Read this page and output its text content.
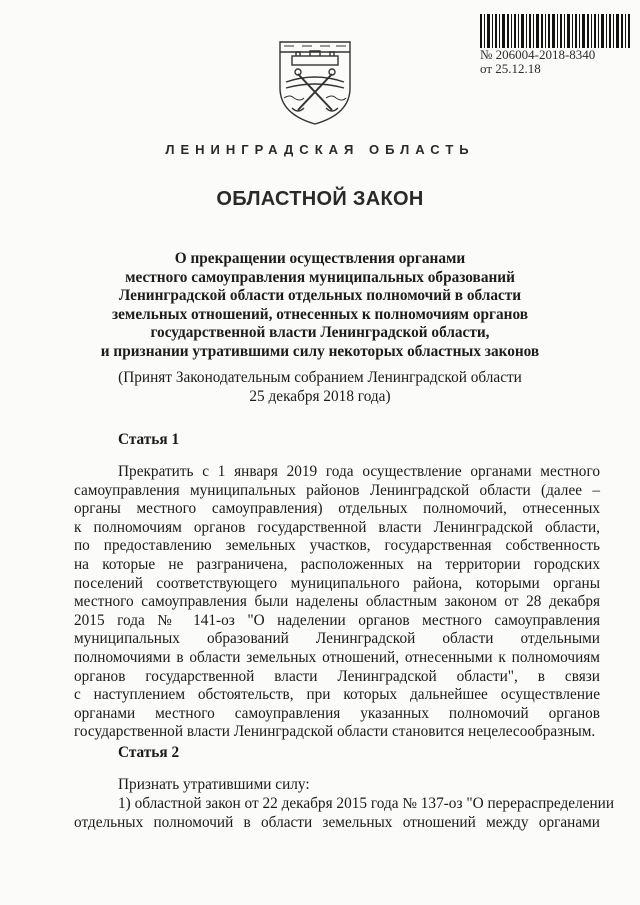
№ 206004-2018-8340
от 25.12.18
ЛЕНИНГРАДСКАЯ ОБЛАСТЬ
ОБЛАСТНОЙ ЗАКОН
О прекращении осуществления органами
местного самоуправления муниципальных образований
Ленинградской области отдельных полномочий в области
земельных отношений, отнесенных к полномочиям органов
государственной власти Ленинградской области,
и признании утратившими силу некоторых областных законов
(Принят Законодательным собранием Ленинградской области
25 декабря 2018 года)
Статья 1
Прекратить с 1 января 2019 года осуществление органами местного
самоуправления муниципальных районов Ленинградской области (далее –
органы местного самоуправления) отдельных полномочий, отнесенных
к полномочиям органов государственной власти Ленинградской области,
по предоставлению земельных участков, государственная собственность
на которые не разграничена, расположенных на территории городских
поселений соответствующего муниципального района, которыми органы
местного самоуправления были наделены областным законом от 28 декабря
2015 года № 141-оз "О наделении органов местного самоуправления
муниципальных образований Ленинградской области отдельными
полномочиями в области земельных отношений, отнесенными к полномочиям
органов государственной власти Ленинградской области", в связи
с наступлением обстоятельств, при которых дальнейшее осуществление
органами местного самоуправления указанных полномочий органов
государственной власти Ленинградской области становится нецелесообразным.
Статья 2
Признать утратившими силу:
1) областной закон от 22 декабря 2015 года № 137-оз "О перераспределении
отдельных полномочий в области земельных отношений между органами
